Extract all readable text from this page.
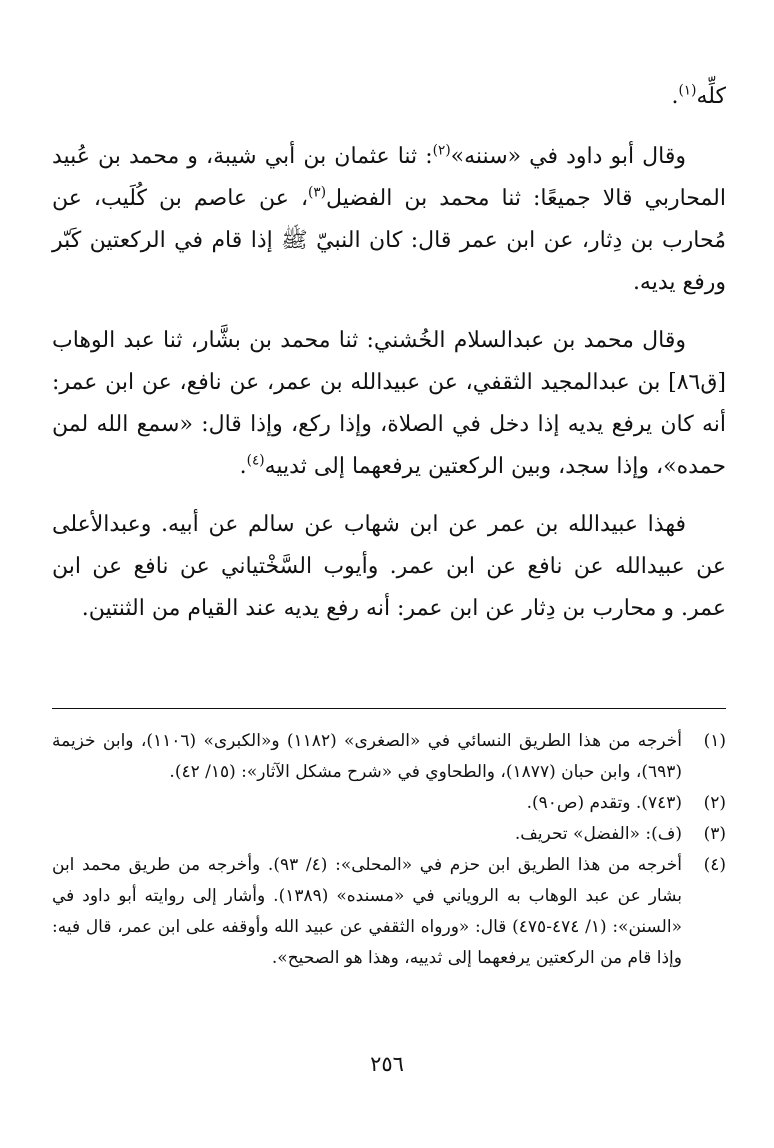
كلِّه$^{(١)}$.

وقال أبو داود في «سننه»$^{(٢)}$: ثنا عثمان بن أبي شيبة، و محمد بن عُبيد المحاربي قالا جميعًا: ثنا محمد بن الفضيل$^{(٣)}$، عن عاصم بن كُلَيب، عن مُحارب بن دِثار، عن ابن عمر قال: كان النبيّ ﷺ إذا قام في الركعتين كَبّر ورفع يديه.

وقال محمد بن عبدالسلام الخُشني: ثنا محمد بن بشَّار، ثنا عبد الوهاب [ق٨٦] بن عبدالمجيد الثقفي، عن عبيدالله بن عمر، عن نافع، عن ابن عمر: أنه كان يرفع يديه إذا دخل في الصلاة، وإذا ركع، وإذا قال: «سمع الله لمن حمده»، وإذا سجد، وبين الركعتين يرفعهما إلى ثدييه$^{(٤)}$.

فهذا عبيدالله بن عمر عن ابن شهاب عن سالم عن أبيه. وعبدالأعلى عن عبيدالله عن نافع عن ابن عمر. وأيوب السَّخْتياني عن نافع عن ابن عمر. و محارب بن دِثار عن ابن عمر: أنه رفع يديه عند القيام من الثنتين.

(١)
أخرجه من هذا الطريق النسائي في «الصغرى» (١١٨٢) و«الكبرى» (١١٠٦)، وابن خزيمة (٦٩٣)، وابن حبان (١٨٧٧)، والطحاوي في «شرح مشكل الآثار»: (١٥/ ٤٢).
(٢)
(٧٤٣). وتقدم (ص٩٠).
(٣)
(ف): «الفضل» تحريف.
(٤)
أخرجه من هذا الطريق ابن حزم في «المحلى»: (٤/ ٩٣). وأخرجه من طريق محمد ابن بشار عن عبد الوهاب به الروياني في «مسنده» (١٣٨٩). وأشار إلى روايته أبو داود في «السنن»: (١/ ٤٧٤-٤٧٥) قال: «ورواه الثقفي عن عبيد الله وأوقفه على ابن عمر، قال فيه: وإذا قام من الركعتين يرفعهما إلى ثدييه، وهذا هو الصحيح».
٢٥٦
